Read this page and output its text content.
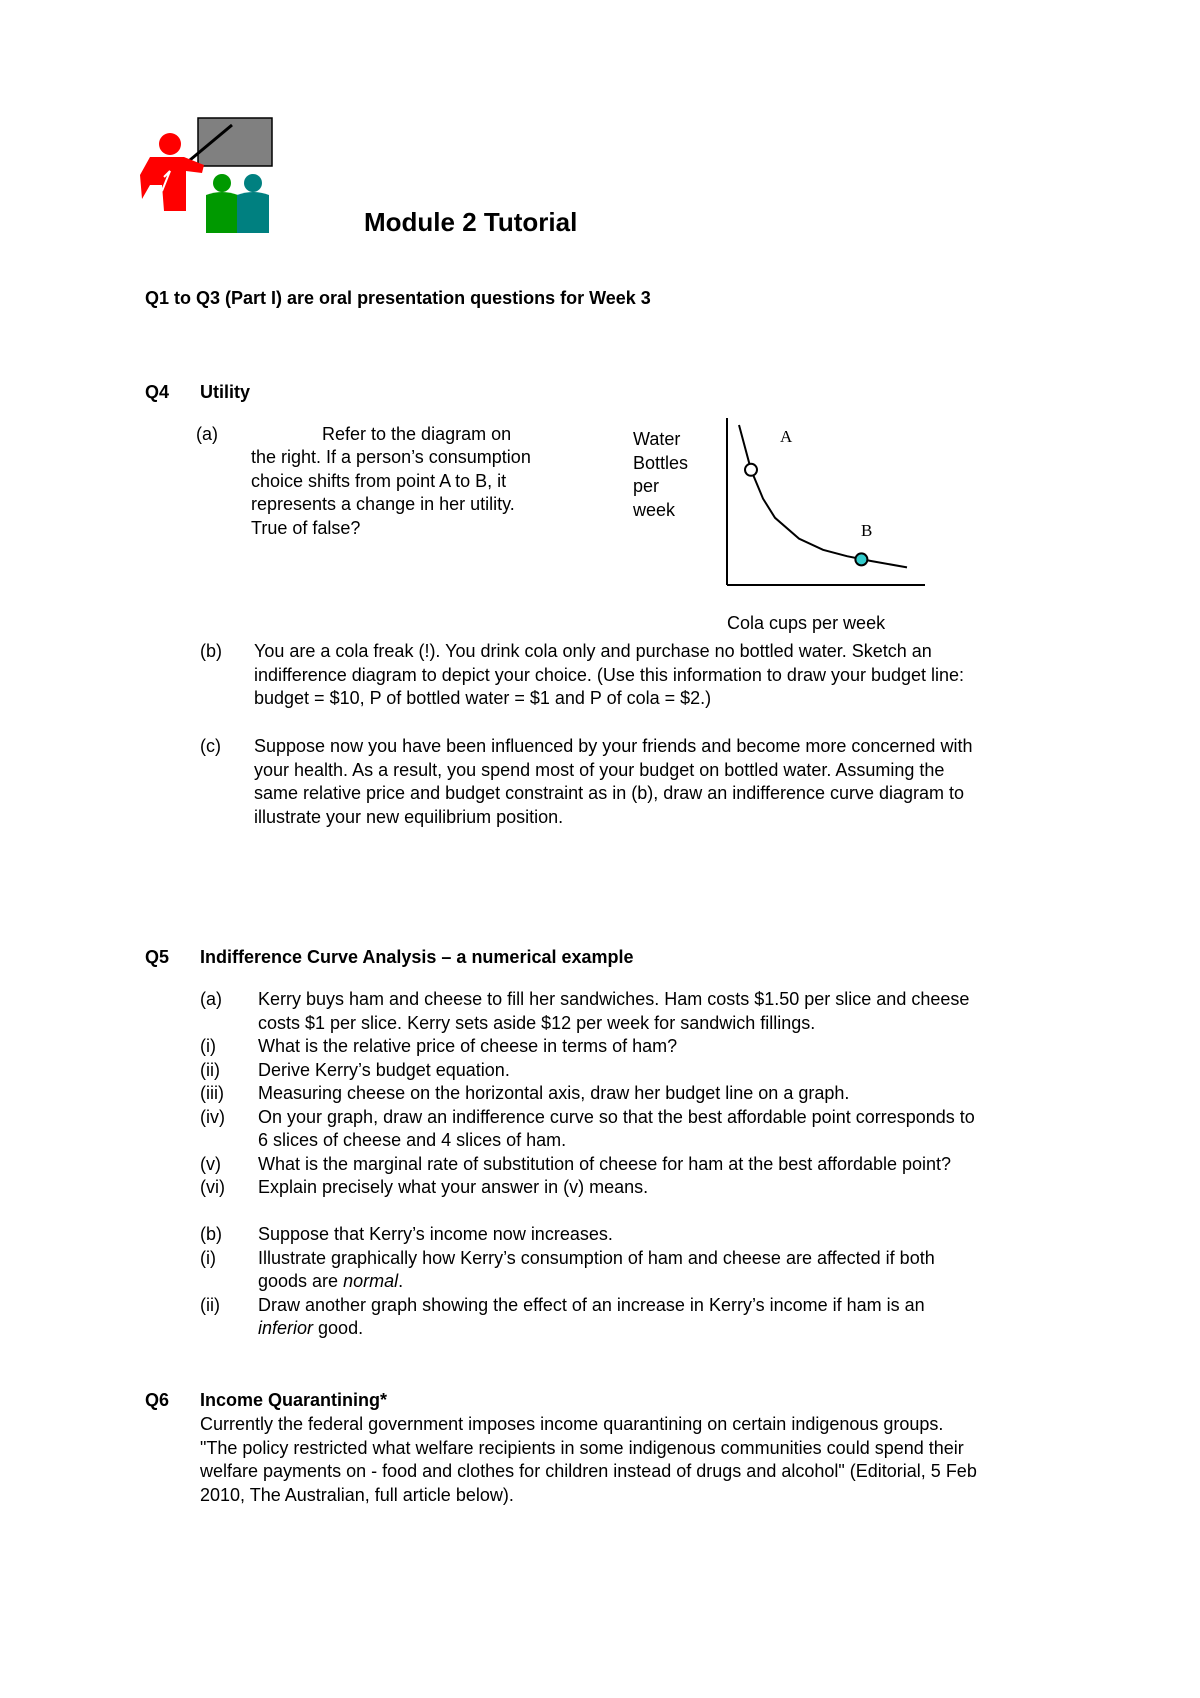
Module 2 Tutorial
Q1 to Q3 (Part I) are oral presentation questions for Week 3
Q4 Utility
(a)	Refer to the diagram on
the right. If a person’s consumption
choice shifts from point A to B, it
represents a change in her utility.
True of false?
Water
Bottles
per
week
A
B
Cola cups per week
(b) You are a cola freak (!). You drink cola only and purchase no bottled water. Sketch an
indifference diagram to depict your choice. (Use this information to draw your budget line:
budget = $10, P of bottled water = $1 and P of cola = $2.)
(c) Suppose now you have been influenced by your friends and become more concerned with
your health. As a result, you spend most of your budget on bottled water. Assuming the
same relative price and budget constraint as in (b), draw an indifference curve diagram to
illustrate your new equilibrium position.
Q5 Indifference Curve Analysis – a numerical example
(a) Kerry buys ham and cheese to fill her sandwiches. Ham costs $1.50 per slice and cheese
costs $1 per slice. Kerry sets aside $12 per week for sandwich fillings.
(i) What is the relative price of cheese in terms of ham?
(ii) Derive Kerry’s budget equation.
(iii) Measuring cheese on the horizontal axis, draw her budget line on a graph.
(iv) On your graph, draw an indifference curve so that the best affordable point corresponds to
6 slices of cheese and 4 slices of ham.
(v) What is the marginal rate of substitution of cheese for ham at the best affordable point?
(vi) Explain precisely what your answer in (v) means.
(b) Suppose that Kerry’s income now increases.
(i) Illustrate graphically how Kerry’s consumption of ham and cheese are affected if both
goods are normal.
(ii) Draw another graph showing the effect of an increase in Kerry’s income if ham is an
inferior good.
Q6 Income Quarantining*
Currently the federal government imposes income quarantining on certain indigenous groups.
"The policy restricted what welfare recipients in some indigenous communities could spend their
welfare payments on - food and clothes for children instead of drugs and alcohol" (Editorial, 5 Feb
2010, The Australian, full article below).
